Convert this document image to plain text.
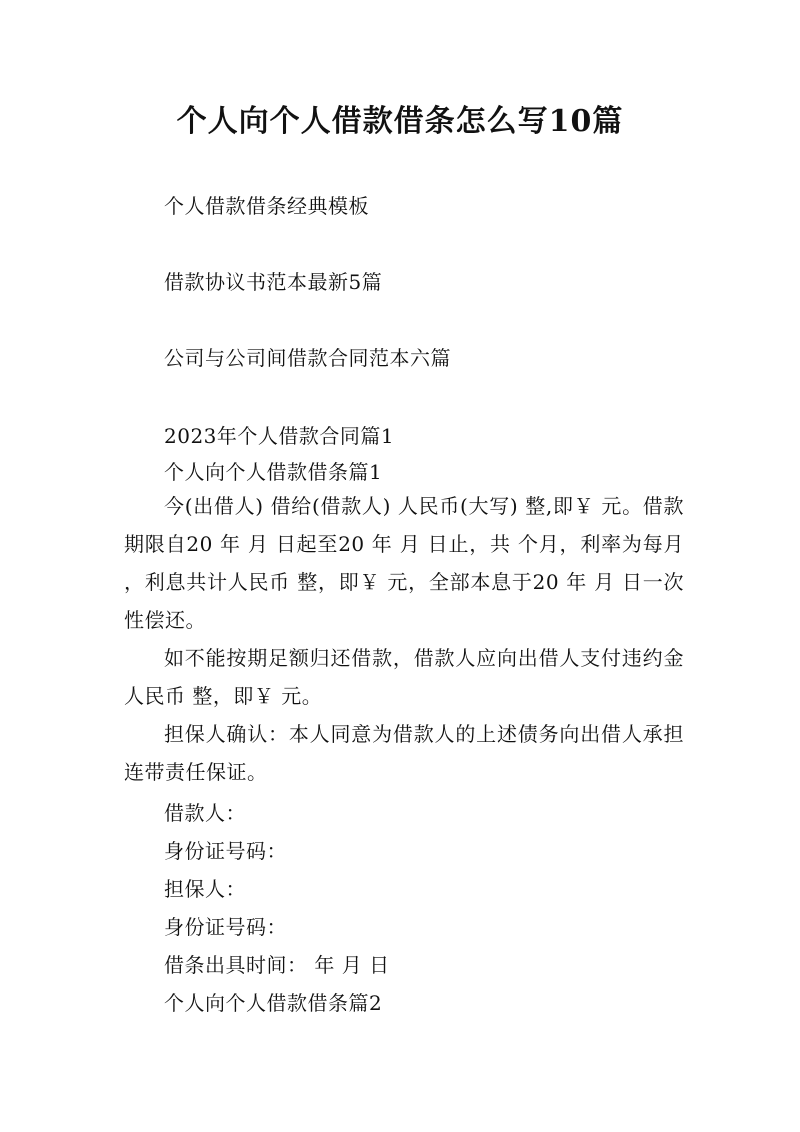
个人向个人借款借条怎么写10篇
个人借款借条经典模板
借款协议书范本最新5篇
公司与公司间借款合同范本六篇
2023年个人借款合同篇1
个人向个人借款借条篇1
今(出借人) 借给(借款人) 人民币(大写) 整,即￥ 元。借款期限自20 年 月 日起至20 年 月 日止，共 个月，利率为每月 ，利息共计人民币 整，即￥ 元，全部本息于20 年 月 日一次性偿还。
如不能按期足额归还借款，借款人应向出借人支付违约金人民币 整，即￥ 元。
担保人确认：本人同意为借款人的上述债务向出借人承担连带责任保证。
借款人：
身份证号码：
担保人：
身份证号码：
借条出具时间： 年 月 日
个人向个人借款借条篇2
